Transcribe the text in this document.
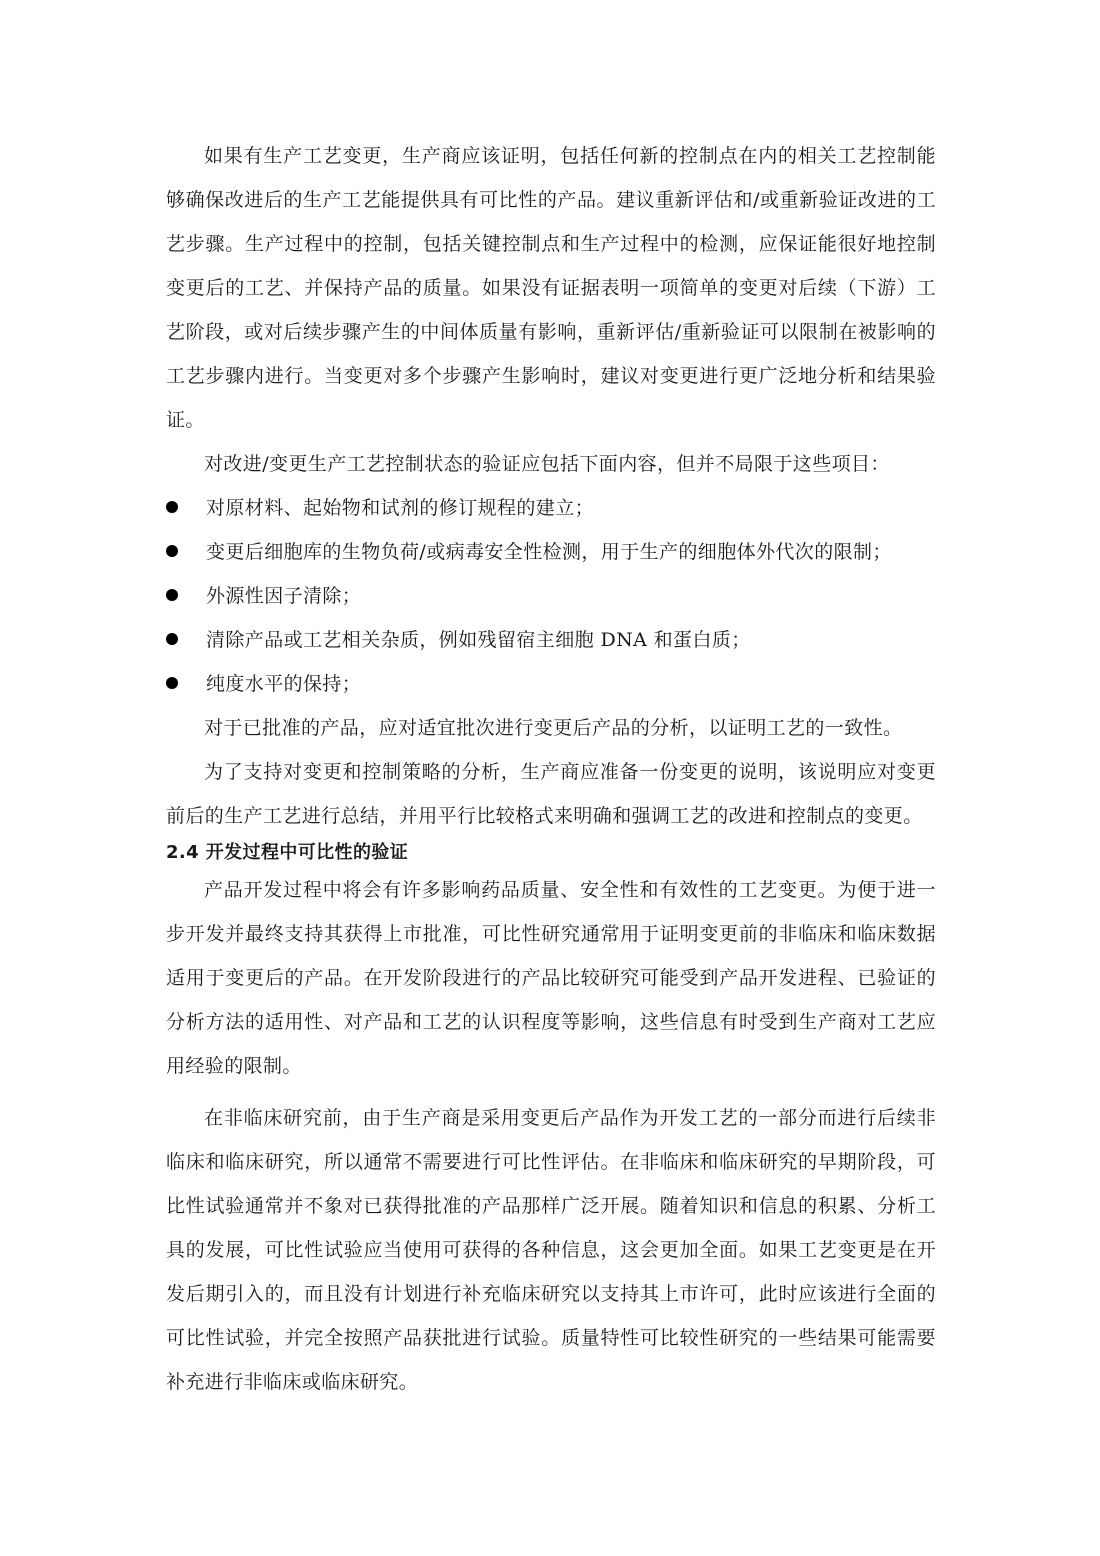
如果有生产工艺变更，生产商应该证明，包括任何新的控制点在内的相关工艺控制能够确保改进后的生产工艺能提供具有可比性的产品。建议重新评估和/或重新验证改进的工艺步骤。生产过程中的控制，包括关键控制点和生产过程中的检测，应保证能很好地控制变更后的工艺、并保持产品的质量。如果没有证据表明一项简单的变更对后续（下游）工艺阶段，或对后续步骤产生的中间体质量有影响，重新评估/重新验证可以限制在被影响的工艺步骤内进行。当变更对多个步骤产生影响时，建议对变更进行更广泛地分析和结果验证。

对改进/变更生产工艺控制状态的验证应包括下面内容，但并不局限于这些项目：

对原材料、起始物和试剂的修订规程的建立；
变更后细胞库的生物负荷/或病毒安全性检测，用于生产的细胞体外代次的限制；
外源性因子清除；
清除产品或工艺相关杂质，例如残留宿主细胞 DNA 和蛋白质；
纯度水平的保持；

对于已批准的产品，应对适宜批次进行变更后产品的分析，以证明工艺的一致性。

为了支持对变更和控制策略的分析，生产商应准备一份变更的说明，该说明应对变更前后的生产工艺进行总结，并用平行比较格式来明确和强调工艺的改进和控制点的变更。

2.4 开发过程中可比性的验证

产品开发过程中将会有许多影响药品质量、安全性和有效性的工艺变更。为便于进一步开发并最终支持其获得上市批准，可比性研究通常用于证明变更前的非临床和临床数据适用于变更后的产品。在开发阶段进行的产品比较研究可能受到产品开发进程、已验证的分析方法的适用性、对产品和工艺的认识程度等影响，这些信息有时受到生产商对工艺应用经验的限制。

在非临床研究前，由于生产商是采用变更后产品作为开发工艺的一部分而进行后续非临床和临床研究，所以通常不需要进行可比性评估。在非临床和临床研究的早期阶段，可比性试验通常并不象对已获得批准的产品那样广泛开展。随着知识和信息的积累、分析工具的发展，可比性试验应当使用可获得的各种信息，这会更加全面。如果工艺变更是在开发后期引入的，而且没有计划进行补充临床研究以支持其上市许可，此时应该进行全面的可比性试验，并完全按照产品获批进行试验。质量特性可比较性研究的一些结果可能需要补充进行非临床或临床研究。
